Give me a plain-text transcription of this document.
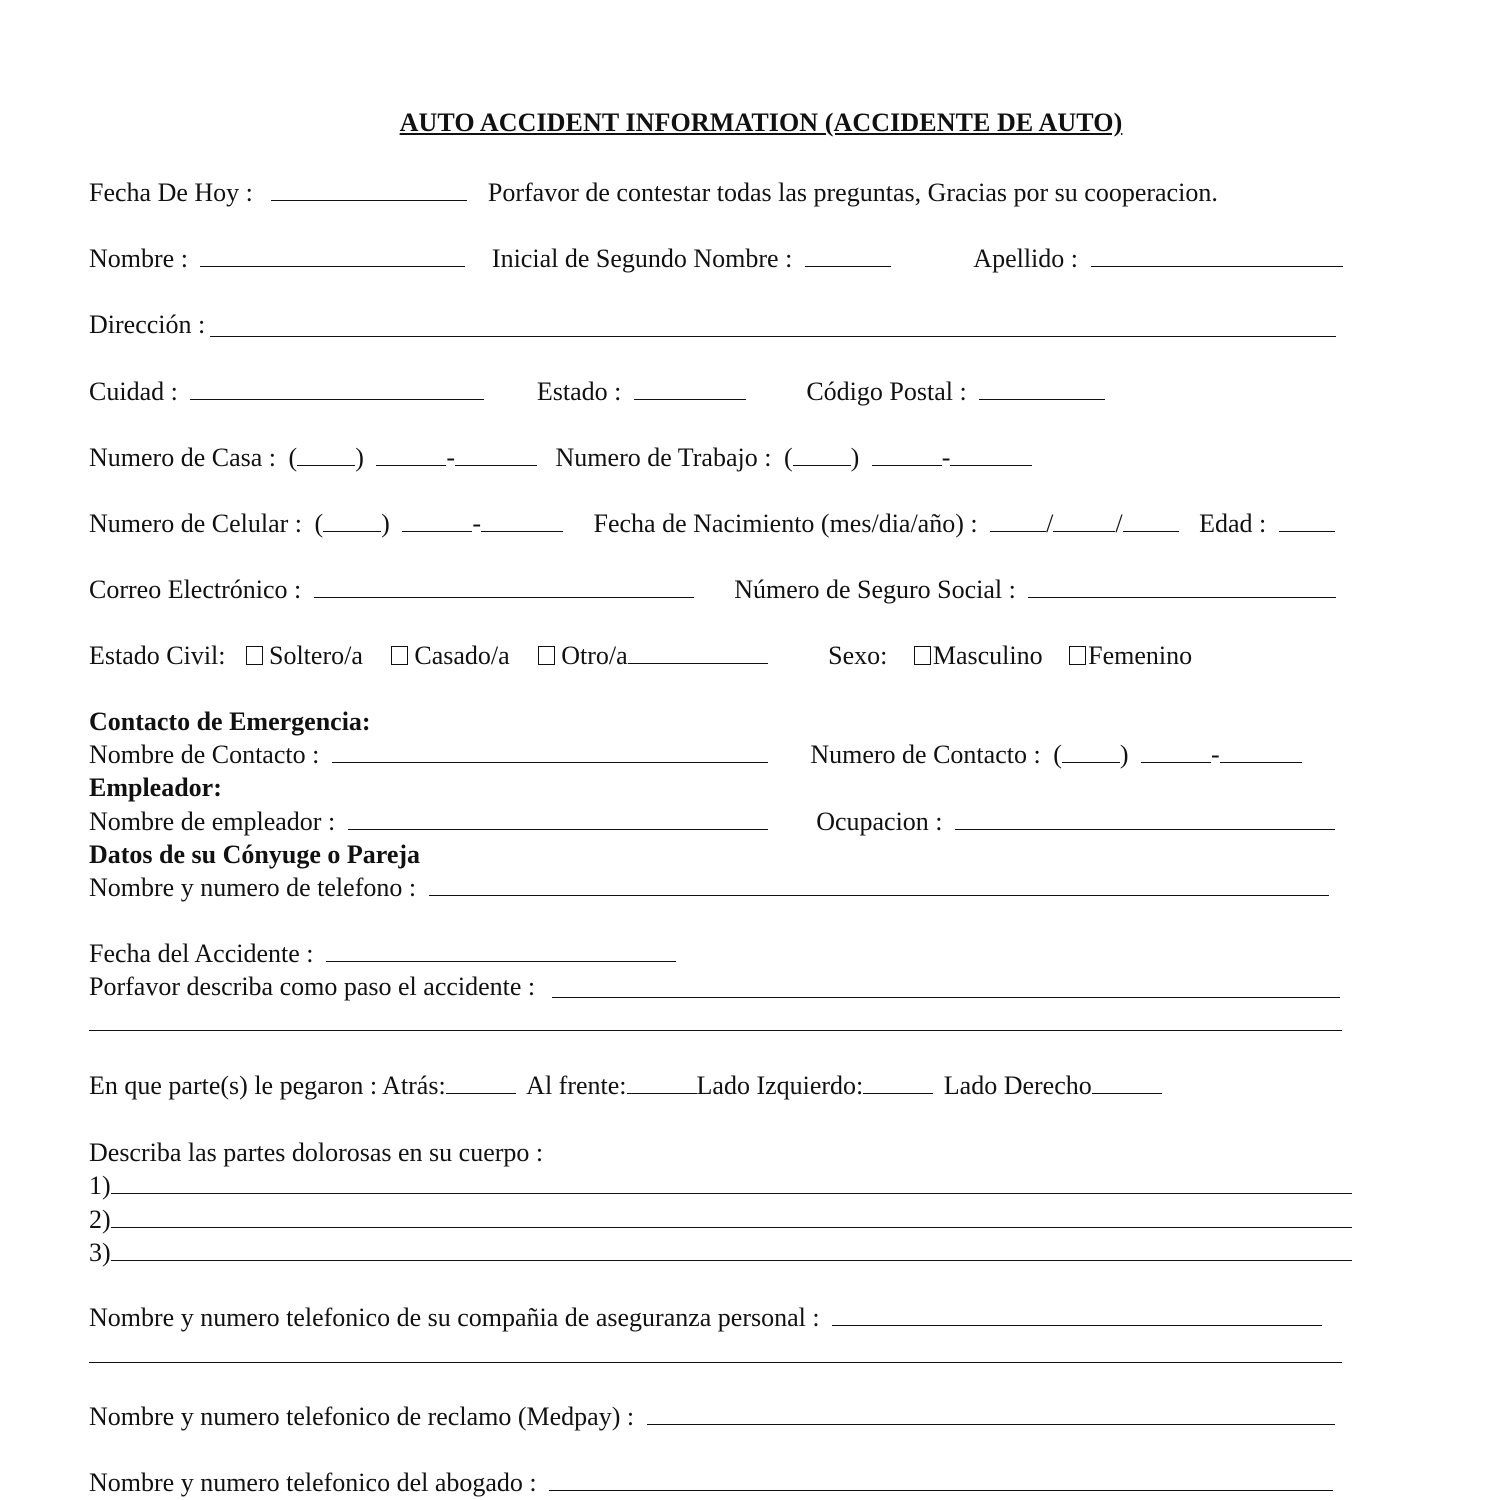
AUTO ACCIDENT INFORMATION (ACCIDENTE DE AUTO)
Fecha De Hoy :	Porfavor de contestar todas las preguntas, Gracias por su cooperacion.
Nombre :	Inicial de Segundo Nombre :	Apellido :
Dirección :
Cuidad :	Estado :	Código Postal :
Numero de Casa : ( )	-	Numero de Trabajo : ( )	-
Numero de Celular : ( )	-	Fecha de Nacimiento (mes/dia/año) :	/ /	Edad :
Correo Electrónico :	Número de Seguro Social :
Estado Civil: Soltero/a Casado/a Otro/a	Sexo: Masculino Femenino
Contacto de Emergencia:
Nombre de Contacto :	Numero de Contacto : ( )	-
Empleador:
Nombre de empleador :	Ocupacion :
Datos de su Cónyuge o Pareja
Nombre y numero de telefono :
Fecha del Accidente :
Porfavor describa como paso el accidente :
En que parte(s) le pegaron : Atrás:	Al frente:	Lado Izquierdo:	Lado Derecho
Describa las partes dolorosas en su cuerpo :
1)
2)
3)
Nombre y numero telefonico de su compañia de aseguranza personal :
Nombre y numero telefonico de reclamo (Medpay) :
Nombre y numero telefonico del abogado :
